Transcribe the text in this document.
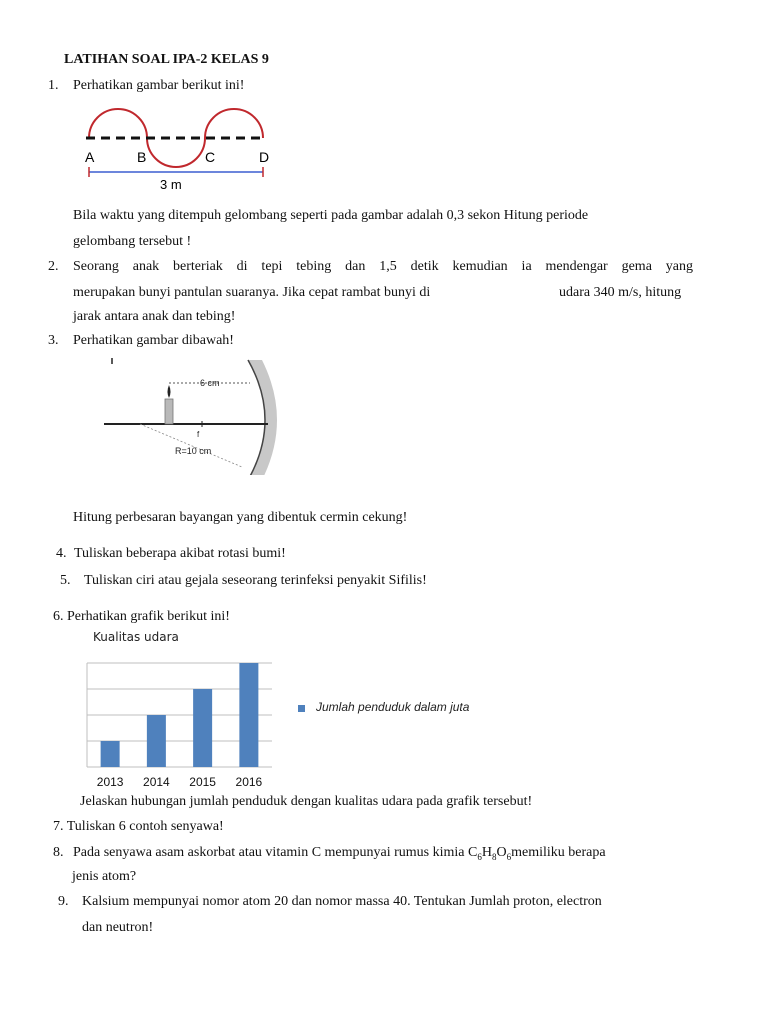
LATIHAN SOAL IPA-2 KELAS 9
1. Perhatikan gambar berikut ini!
A	B	C	D
3 m
Bila waktu yang ditempuh gelombang seperti pada gambar adalah 0,3 sekon Hitung periode
gelombang tersebut !
2.	Seorang anak berteriak di tepi tebing dan 1,5 detik kemudian ia mendengar gema yang
merupakan bunyi pantulan suaranya. Jika cepat rambat bunyi di	udara 340 m/s, hitung
jarak antara anak dan tebing!
3. Perhatikan gambar dibawah!
6 cm
f
R=10 cm
Hitung perbesaran bayangan yang dibentuk cermin cekung!
4. Tuliskan beberapa akibat rotasi bumi!
5. Tuliskan ciri atau gejala seseorang terinfeksi penyakit Sifilis!
6. Perhatikan grafik berikut ini!
Kualitas udara
2013 2014 2015 2016
Jumlah penduduk dalam juta
Jelaskan hubungan jumlah penduduk dengan kualitas udara pada grafik tersebut!
7. Tuliskan 6 contoh senyawa!
8. Pada senyawa asam askorbat atau vitamin C mempunyai rumus kimia $C_6H_8O_6memiliku$ berapa
jenis atom?
9. Kalsium mempunyai nomor atom 20 dan nomor massa 40. Tentukan Jumlah proton, electron
dan neutron!
